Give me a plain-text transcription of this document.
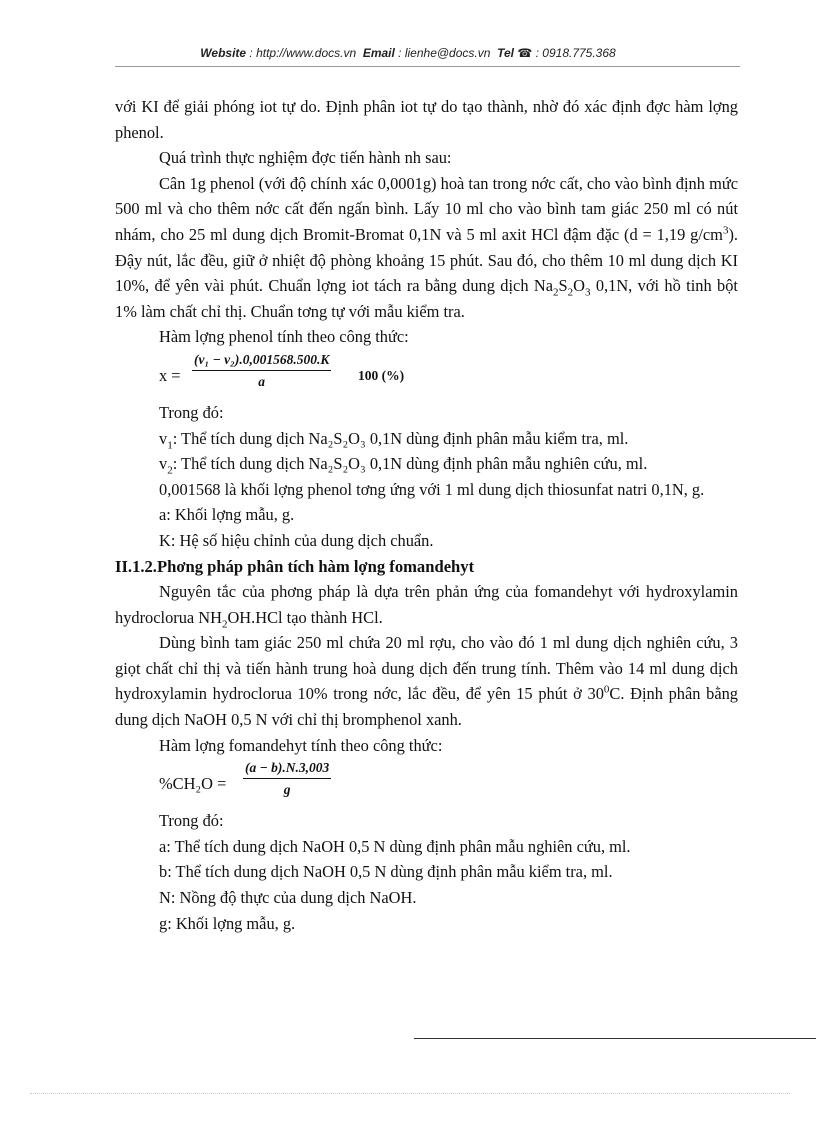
Website : http://www.docs.vn Email : lienhe@docs.vn Tel ☎ : 0918.775.368

với KI để giải phóng iot tự do. Định phân iot tự do tạo thành, nhờ đó xác định đợc hàm lợng phenol.

Quá trình thực nghiệm đợc tiến hành nh sau:

Cân 1g phenol (với độ chính xác 0,0001g) hoà tan trong nớc cất, cho vào bình định mức 500 ml và cho thêm nớc cất đến ngấn bình. Lấy 10 ml cho vào bình tam giác 250 ml có nút nhám, cho 25 ml dung dịch Bromit-Bromat 0,1N và 5 ml axit HCl đậm đặc (d = 1,19 $g/cm^3$). Đậy nút, lắc đều, giữ ở nhiệt độ phòng khoảng 15 phút. Sau đó, cho thêm 10 ml dung dịch KI 10%, để yên vài phút. Chuẩn lợng iot tách ra bằng dung dịch $Na_2S_2O_3$ 0,1N, với hồ tinh bột 1% làm chất chỉ thị. Chuẩn tơng tự với mẫu kiểm tra.

Hàm lợng phenol tính theo công thức:

$x = \frac{\text{(v₁ − v₂).0,001568.500.K}}{a} 100$ (%)

Trong đó:

$v_1$: Thể tích dung dịch Na₂S₂O₃ 0,1N dùng định phân mẫu kiểm tra, ml.

$v_2$: Thể tích dung dịch Na₂S₂O₃ 0,1N dùng định phân mẫu nghiên cứu, ml.

0,001568 là khối lợng phenol tơng ứng với 1 ml dung dịch thiosunfat natri 0,1N, g.

a: Khối lợng mẫu, g.

K: Hệ số hiệu chỉnh của dung dịch chuẩn.

II.1.2.Phơng pháp phân tích hàm lợng fomandehyt

Nguyên tắc của phơng pháp là dựa trên phản ứng của fomandehyt với hydroxylamin hydroclorua $NH_2OH.HCl$ tạo thành HCl.

Dùng bình tam giác 250 ml chứa 20 ml rợu, cho vào đó 1 ml dung dịch nghiên cứu, 3 giọt chất chỉ thị và tiến hành trung hoà dung dịch đến trung tính. Thêm vào 14 ml dung dịch hydroxylamin hydroclorua 10% trong nớc, lắc đều, để yên 15 phút ở $30^0C$. Định phân bằng dung dịch NaOH 0,5 N với chỉ thị bromphenol xanh.

Hàm lợng fomandehyt tính theo công thức:

$\%CH_2O = \frac{(a - b).N.3,003}{g}$

Trong đó:

a: Thể tích dung dịch NaOH 0,5 N dùng định phân mẫu nghiên cứu, ml.

b: Thể tích dung dịch NaOH 0,5 N dùng định phân mẫu kiểm tra, ml.

N: Nồng độ thực của dung dịch NaOH.

g: Khối lợng mẫu, g.
